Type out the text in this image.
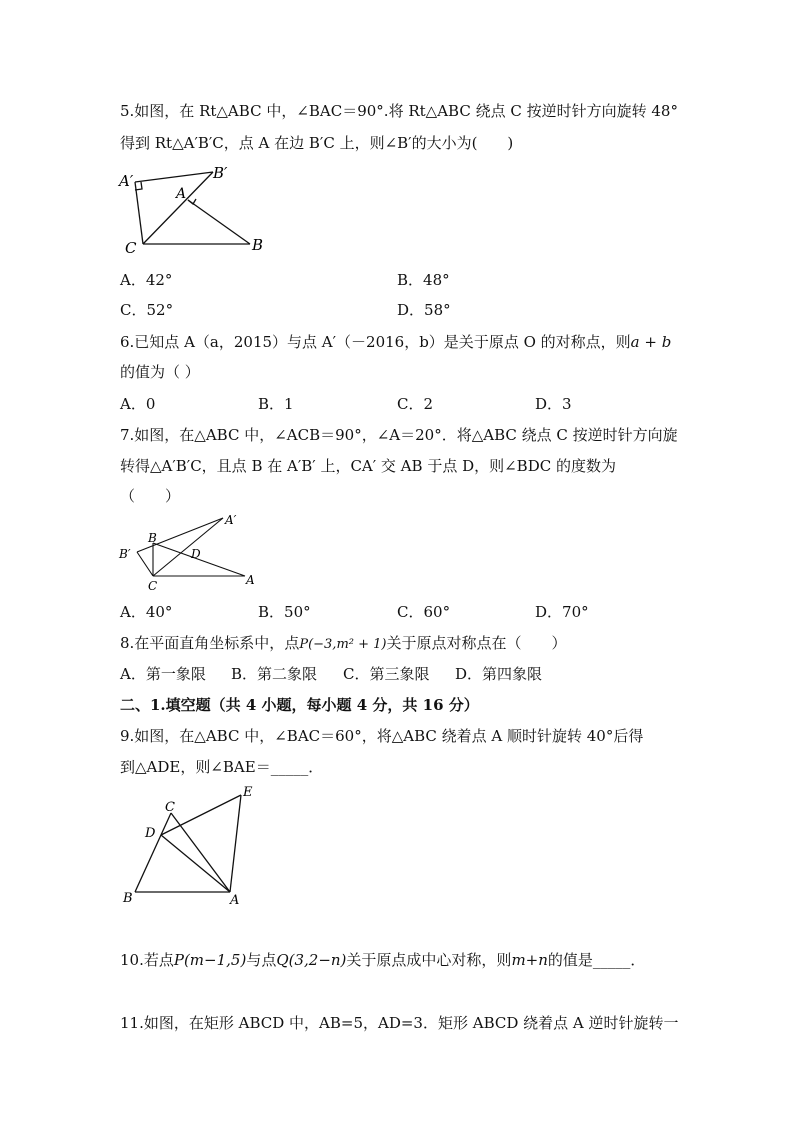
5.如图，在 Rt△ABC 中，∠BAC＝90°.将 Rt△ABC 绕点 C 按逆时针方向旋转 48°
得到 Rt△A′B′C，点 A 在边 B′C 上，则∠B′的大小为(　　)
A′	B′
A
C	B
A．42°	B．48°
C．52°	D．58°
6.已知点 A（a，2015）与点 A′（－2016，b）是关于原点 O 的对称点，则a + b
的值为（ ）
A．0	B．1	C．2	D．3
7.如图，在△ABC 中，∠ACB＝90°，∠A＝20°．将△ABC 绕点 C 按逆时针方向旋
转得△A′B′C，且点 B 在 A′B′ 上，CA′ 交 AB 于点 D，则∠BDC 的度数为
（　　）
A′
B′
B
D
C	A
A．40°	B．50°	C．60°	D．70°
8.在平面直角坐标系中，点P(−3,m² + 1)关于原点对称点在（　　）
A．第一象限 B．第二象限 C．第三象限 D．第四象限
二、1.填空题（共 4 小题，每小题 4 分，共 16 分）
9.如图，在△ABC 中，∠BAC＝60°，将△ABC 绕着点 A 顺时针旋转 40°后得
到△ADE，则∠BAE＝_____．
C
E
D
B	A
10.若点P(m−1,5)与点Q(3,2−n)关于原点成中心对称，则m+n的值是_____．
11.如图，在矩形 ABCD 中，AB=5，AD=3．矩形 ABCD 绕着点 A 逆时针旋转一
